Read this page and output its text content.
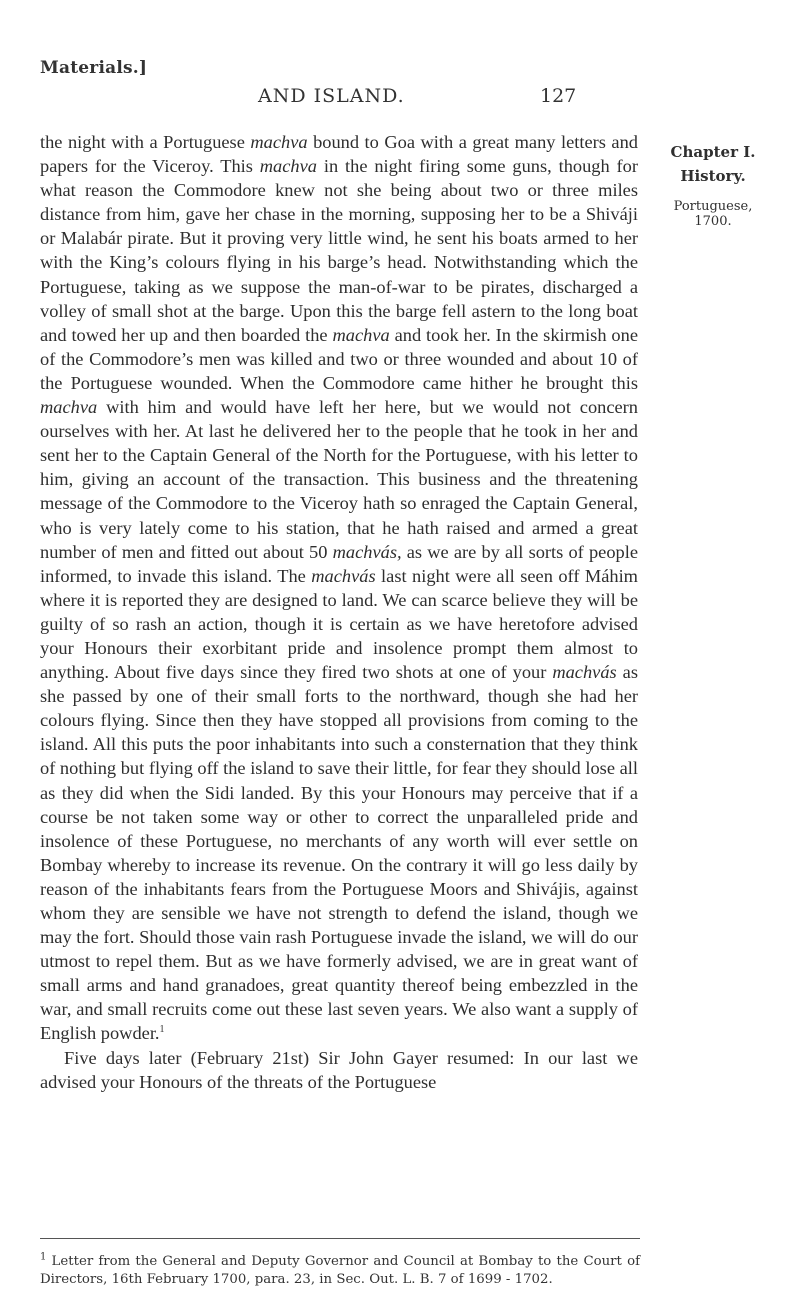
Materials.]
AND ISLAND.	127

the night with a Portuguese machva bound to Goa with a great many letters and papers for the Viceroy. This machva in the night firing some guns, though for what reason the Commodore knew not she being about two or three miles distance from him, gave her chase in the morning, supposing her to be a Shiváji or Malabár pirate. But it proving very little wind, he sent his boats armed to her with the King’s colours flying in his barge’s head. Notwithstanding which the Portuguese, taking as we suppose the man-of-war to be pirates, discharged a volley of small shot at the barge. Upon this the barge fell astern to the long boat and towed her up and then boarded the machva and took her. In the skirmish one of the Commodore’s men was killed and two or three wounded and about 10 of the Portuguese wounded. When the Commodore came hither he brought this machva with him and would have left her here, but we would not concern ourselves with her. At last he delivered her to the people that he took in her and sent her to the Captain General of the North for the Portuguese, with his letter to him, giving an account of the transaction. This business and the threatening message of the Commodore to the Viceroy hath so enraged the Captain General, who is very lately come to his station, that he hath raised and armed a great number of men and fitted out about 50 machvás, as we are by all sorts of people informed, to invade this island. The machvás last night were all seen off Máhim where it is reported they are designed to land. We can scarce believe they will be guilty of so rash an action, though it is certain as we have heretofore advised your Honours their exorbitant pride and insolence prompt them almost to anything. About five days since they fired two shots at one of your machvás as she passed by one of their small forts to the northward, though she had her colours flying. Since then they have stopped all provisions from coming to the island. All this puts the poor inhabitants into such a consternation that they think of nothing but flying off the island to save their little, for fear they should lose all as they did when the Sidi landed. By this your Honours may perceive that if a course be not taken some way or other to correct the unparalleled pride and insolence of these Portuguese, no merchants of any worth will ever settle on Bombay whereby to increase its revenue. On the contrary it will go less daily by reason of the inhabitants fears from the Portuguese Moors and Shivájis, against whom they are sensible we have not strength to defend the island, though we may the fort. Should those vain rash Portuguese invade the island, we will do our utmost to repel them. But as we have formerly advised, we are in great want of small arms and hand granadoes, great quantity thereof being embezzled in the war, and small recruits come out these last seven years. We also want a supply of English powder.$^1$

Five days later (February 21st) Sir John Gayer resumed: In our last we advised your Honours of the threats of the Portuguese

Chapter I.
History.
Portuguese,
1700.
$^1$ Letter from the General and Deputy Governor and Council at Bombay to the Court of Directors, 16th February 1700, para. 23, in Sec. Out. L. B. 7 of 1699 - 1702.
